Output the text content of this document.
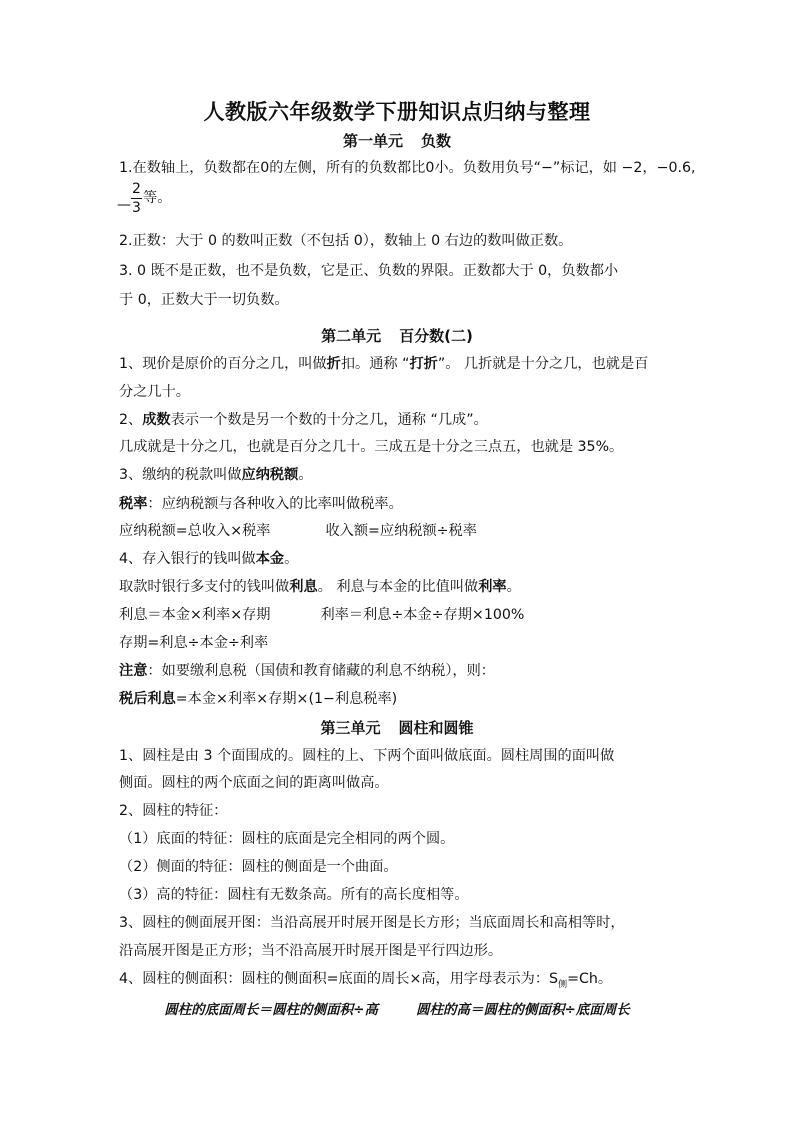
人教版六年级数学下册知识点归纳与整理
第一单元 负数
1.在数轴上，负数都在0的左侧，所有的负数都比0小。负数用负号“−”标记，如 −2，−0.6,
—
2
3
等。
2.正数：大于 0 的数叫正数（不包括 0），数轴上 0 右边的数叫做正数。
3. 0 既不是正数，也不是负数，它是正、负数的界限。正数都大于 0，负数都小
于 0，正数大于一切负数。
第二单元 百分数(二)
1、现价是原价的百分之几，叫做折扣。通称 “打折”。 几折就是十分之几，也就是百
分之几十。
2、成数表示一个数是另一个数的十分之几，通称 “几成”。
几成就是十分之几，也就是百分之几十。三成五是十分之三点五，也就是 35%。
3、缴纳的税款叫做应纳税额。
税率：应纳税额与各种收入的比率叫做税率。
应纳税额=总收入×税率	收入额=应纳税额÷税率
4、存入银行的钱叫做本金。
取款时银行多支付的钱叫做利息。 利息与本金的比值叫做利率。
利息＝本金×利率×存期	利率＝利息÷本金÷存期×100%
存期=利息÷本金÷利率
注意：如要缴利息税（国债和教育储藏的利息不纳税），则：
税后利息=本金×利率×存期×(1−利息税率)
第三单元 圆柱和圆锥
1、圆柱是由 3 个面围成的。圆柱的上、下两个面叫做底面。圆柱周围的面叫做
侧面。圆柱的两个底面之间的距离叫做高。
2、圆柱的特征：
（1）底面的特征：圆柱的底面是完全相同的两个圆。
（2）侧面的特征：圆柱的侧面是一个曲面。
（3）高的特征：圆柱有无数条高。所有的高长度相等。
3、圆柱的侧面展开图：当沿高展开时展开图是长方形；当底面周长和高相等时，
沿高展开图是正方形；当不沿高展开时展开图是平行四边形。
4、圆柱的侧面积：圆柱的侧面积=底面的周长×高，用字母表示为：$S_侧=Ch$。
圆柱的底面周长＝圆柱的侧面积÷高	圆柱的高＝圆柱的侧面积÷底面周长
